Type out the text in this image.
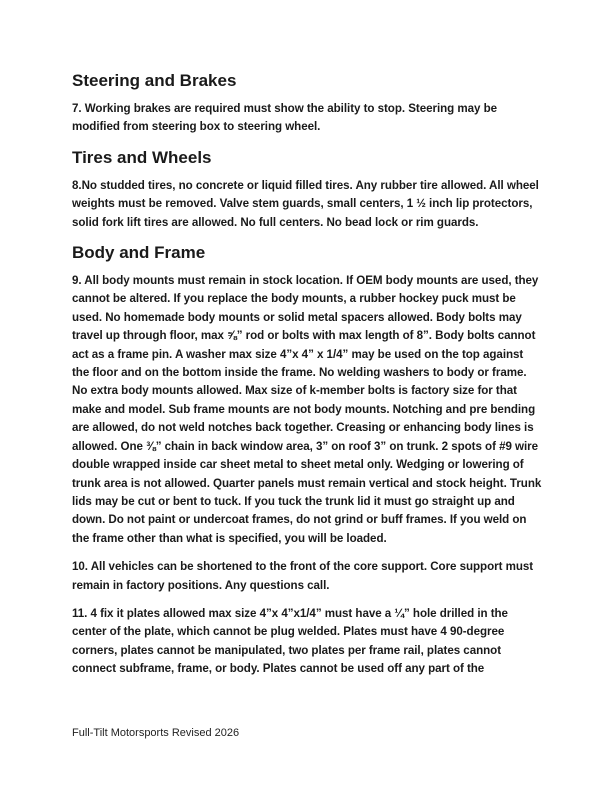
Steering and Brakes

7. Working brakes are required must show the ability to stop. Steering may be modified from steering box to steering wheel.

Tires and Wheels

8.No studded tires, no concrete or liquid filled tires. Any rubber tire allowed. All wheel weights must be removed. Valve stem guards, small centers, 1 ½ inch lip protectors, solid fork lift tires are allowed. No full centers. No bead lock or rim guards.

Body and Frame

9. All body mounts must remain in stock location. If OEM body mounts are used, they cannot be altered. If you replace the body mounts, a rubber hockey puck must be used. No homemade body mounts or solid metal spacers allowed. Body bolts may travel up through floor, max ⅝” rod or bolts with max length of 8”. Body bolts cannot act as a frame pin. A washer max size 4”x 4” x 1/4” may be used on the top against the floor and on the bottom inside the frame. No welding washers to body or frame. No extra body mounts allowed. Max size of k-member bolts is factory size for that make and model. Sub frame mounts are not body mounts. Notching and pre bending are allowed, do not weld notches back together. Creasing or enhancing body lines is allowed. One ⅜” chain in back window area, 3” on roof 3” on trunk. 2 spots of #9 wire double wrapped inside car sheet metal to sheet metal only. Wedging or lowering of trunk area is not allowed. Quarter panels must remain vertical and stock height. Trunk lids may be cut or bent to tuck. If you tuck the trunk lid it must go straight up and down. Do not paint or undercoat frames, do not grind or buff frames. If you weld on the frame other than what is specified, you will be loaded.

10. All vehicles can be shortened to the front of the core support. Core support must remain in factory positions. Any questions call.

11. 4 fix it plates allowed max size 4”x 4”x1/4” must have a ¼” hole drilled in the center of the plate, which cannot be plug welded. Plates must have 4 90-degree corners, plates cannot be manipulated, two plates per frame rail, plates cannot connect subframe, frame, or body. Plates cannot be used off any part of the

Full-Tilt Motorsports Revised 2026
